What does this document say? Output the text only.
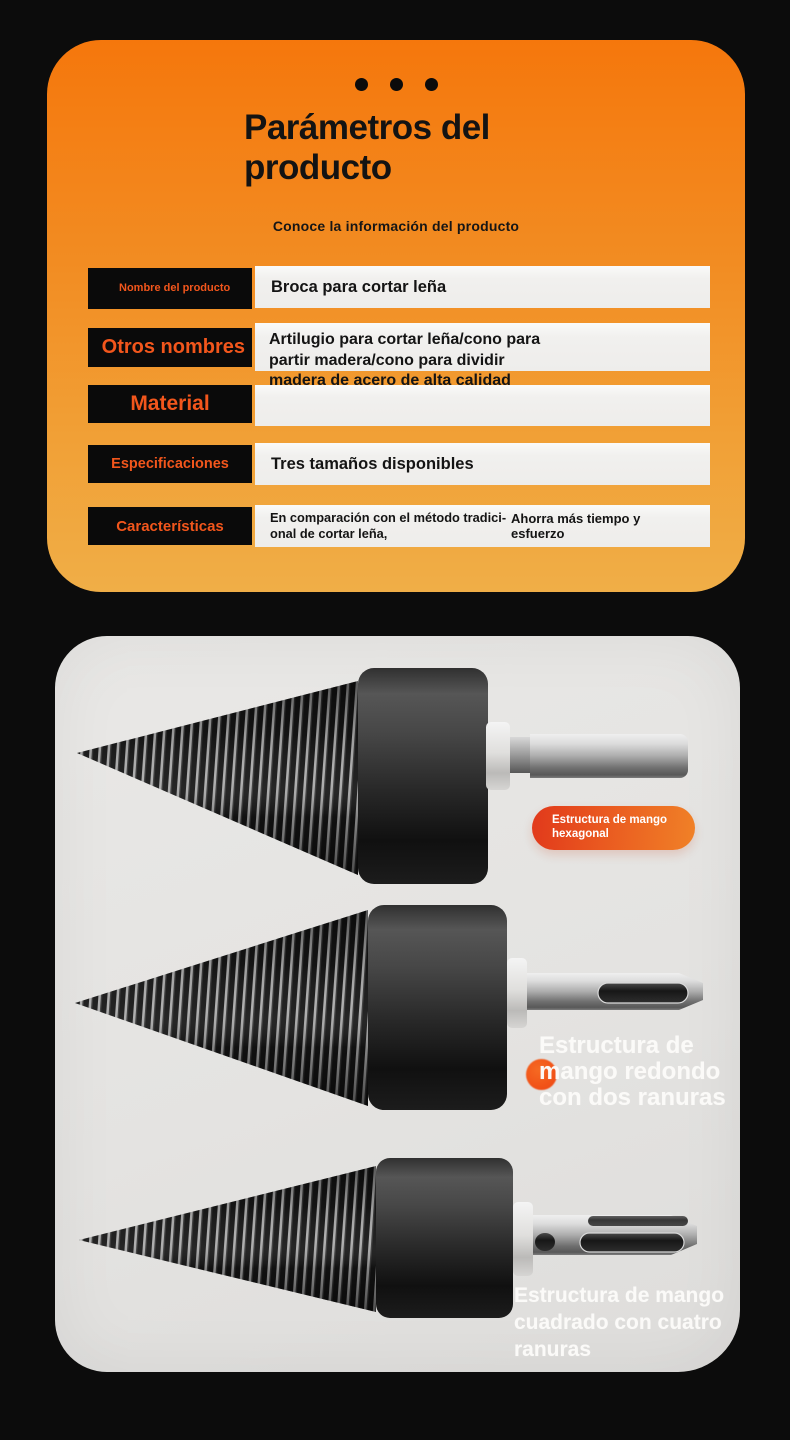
Parámetros del producto
Conoce la información del producto
Nombre del producto	Broca para cortar leña
Otros nombres
Material
Artilugio para cortar leña/cono para partir madera/cono para dividir madera de acero de alta calidad
Especificaciones	Tres tamaños disponibles
Características
En comparación con el método tradicional de cortar leña,
Ahorra más tiempo y esfuerzo
Estructura de mango hexagonal
Estructura de mango redondo con dos ranuras
Estructura de mango cuadrado con cuatro ranuras
